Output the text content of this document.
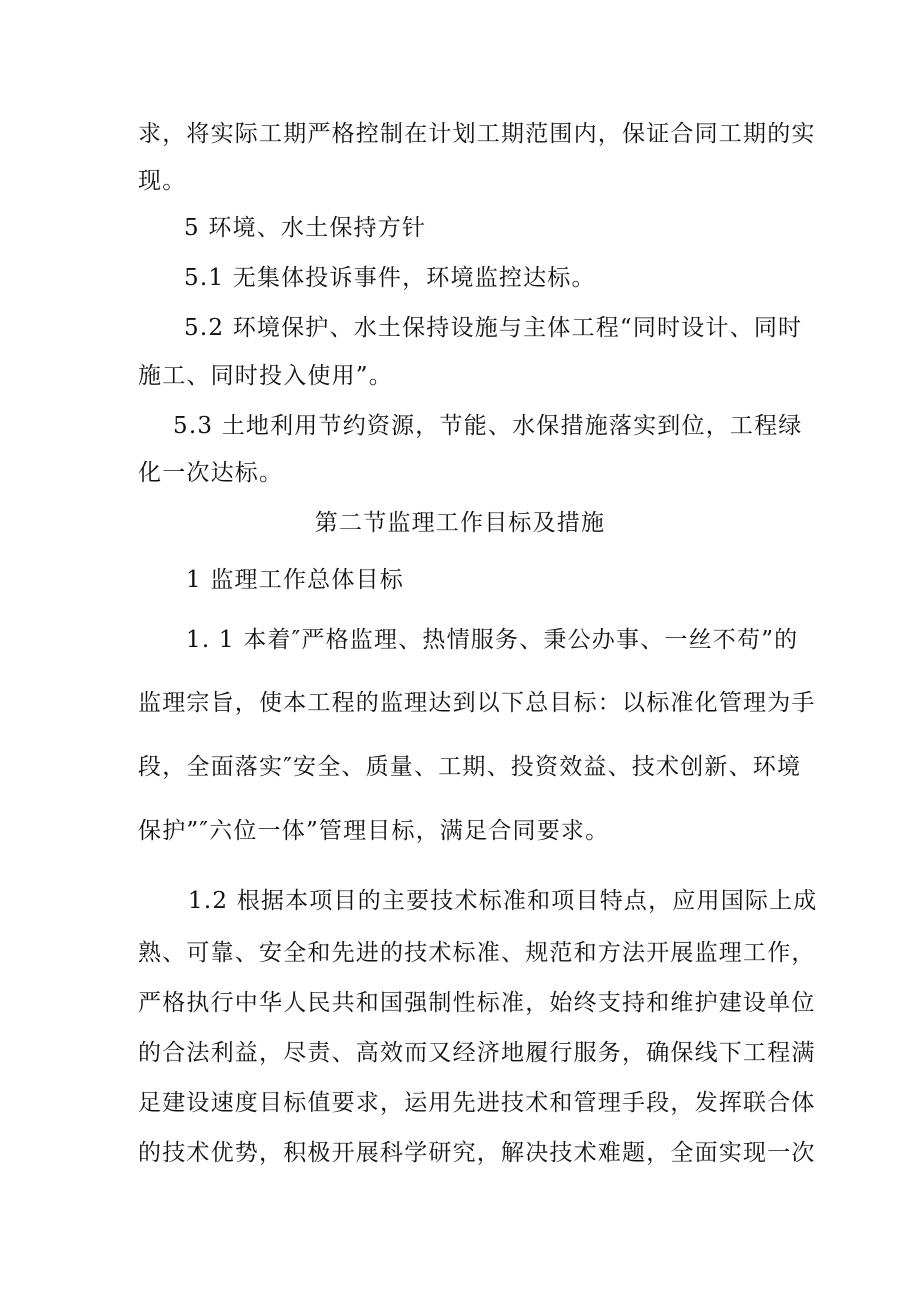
求，将实际工期严格控制在计划工期范围内，保证合同工期的实
现。
5 环境、水土保持方针
5.1 无集体投诉事件，环境监控达标。
5.2 环境保护、水土保持设施与主体工程“同时设计、同时
施工、同时投入使用”。
5.3 土地利用节约资源，节能、水保措施落实到位，工程绿
化一次达标。
第二节监理工作目标及措施
1 监理工作总体目标
1. 1 本着″严格监理、热情服务、秉公办事、一丝不苟”的
监理宗旨，使本工程的监理达到以下总目标：以标准化管理为手
段，全面落实″安全、质量、工期、投资效益、技术创新、环境
保护”″六位一体”管理目标，满足合同要求。
1.2 根据本项目的主要技术标准和项目特点，应用国际上成
熟、可靠、安全和先进的技术标准、规范和方法开展监理工作，
严格执行中华人民共和国强制性标准，始终支持和维护建设单位
的合法利益，尽责、高效而又经济地履行服务，确保线下工程满
足建设速度目标值要求，运用先进技术和管理手段，发挥联合体
的技术优势，积极开展科学研究，解决技术难题，全面实现一次
